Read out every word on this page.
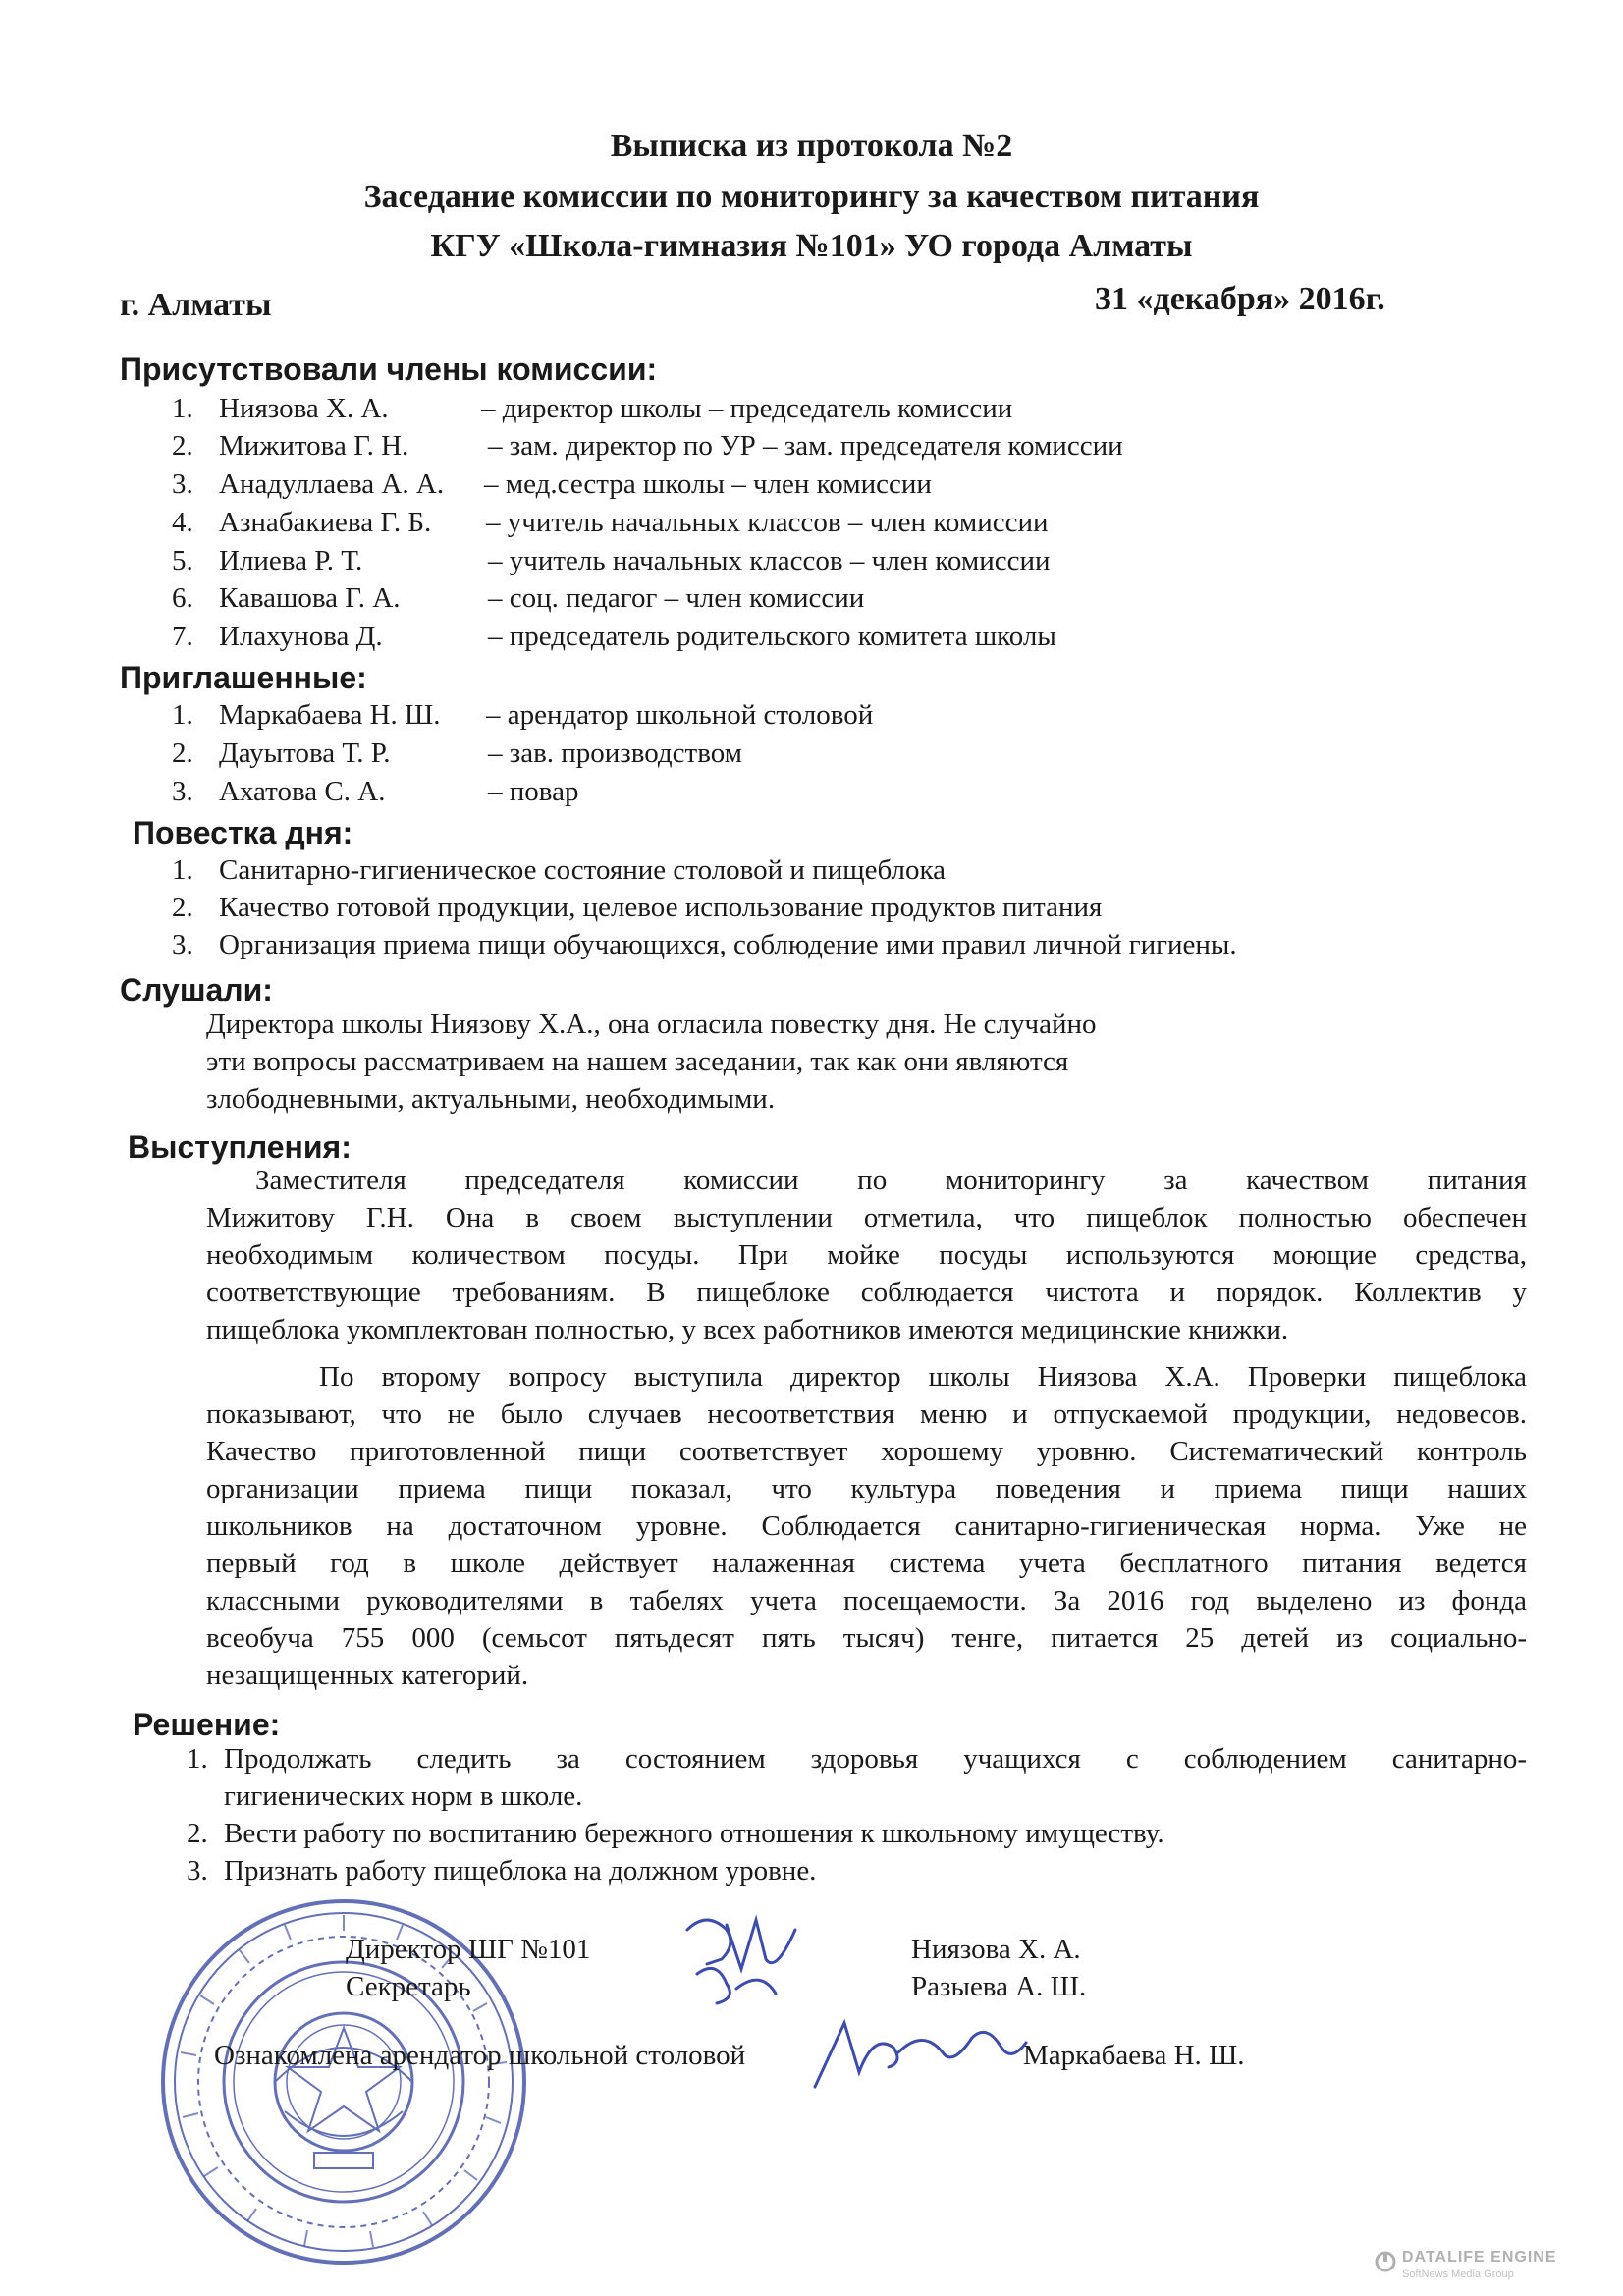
Выписка из протокола №2
Заседание комиссии по мониторингу за качеством питания
КГУ «Школа-гимназия №101» УО города Алматы
г. Алматы	31 «декабря» 2016г.
Присутствовали члены комиссии:
1. Ниязова Х. А.	– директор школы – председатель комиссии
2. Мижитова Г. Н.	– зам. директор по УР – зам. председателя комиссии
3. Анадуллаева А. А. – мед.сестра школы – член комиссии
4. Азнабакиева Г. Б. – учитель начальных классов – член комиссии
5. Илиева Р. Т.	– учитель начальных классов – член комиссии
6. Кавашова Г. А.	– соц. педагог – член комиссии
7. Илахунова Д.	– председатель родительского комитета школы
Приглашенные:
1. Маркабаева Н. Ш. – арендатор школьной столовой
2. Дауытова Т. Р.	– зав. производством
3. Ахатова С. А.	– повар
Повестка дня:
1. Санитарно-гигиеническое состояние столовой и пищеблока
2. Качество готовой продукции, целевое использование продуктов питания
3. Организация приема пищи обучающихся, соблюдение ими правил личной гигиены.
Слушали:
Директора школы Ниязову Х.А., она огласила повестку дня. Не случайно
эти вопросы рассматриваем на нашем заседании, так как они являются
злободневными, актуальными, необходимыми.
Выступления:
Заместителя председателя комиссии по мониторингу за качеством питания
Мижитову Г.Н. Она в своем выступлении отметила, что пищеблок полностью обеспечен
необходимым количеством посуды. При мойке посуды используются моющие средства,
соответствующие требованиям. В пищеблоке соблюдается чистота и порядок. Коллектив у
пищеблока укомплектован полностью, у всех работников имеются медицинские книжки.
По второму вопросу выступила директор школы Ниязова Х.А. Проверки пищеблока
показывают, что не было случаев несоответствия меню и отпускаемой продукции, недовесов.
Качество приготовленной пищи соответствует хорошему уровню. Систематический контроль
организации приема пищи показал, что культура поведения и приема пищи наших
школьников на достаточном уровне. Соблюдается санитарно-гигиеническая норма. Уже не
первый год в школе действует налаженная система учета бесплатного питания ведется
классными руководителями в табелях учета посещаемости. За 2016 год выделено из фонда
всеобуча 755 000 (семьсот пятьдесят пять тысяч) тенге, питается 25 детей из социально-
незащищенных категорий.
Решение:
1. Продолжать следить за состоянием здоровья учащихся с соблюдением санитарно-
гигиенических норм в школе.
2. Вести работу по воспитанию бережного отношения к школьному имуществу.
3. Признать работу пищеблока на должном уровне.
Директор ШГ №101	Ниязова Х. А.
Секретарь	Разыева А. Ш.
Ознакомлена арендатор школьной столовой	Маркабаева Н. Ш.
DATALIFE ENGINE
SoftNews Media Group
